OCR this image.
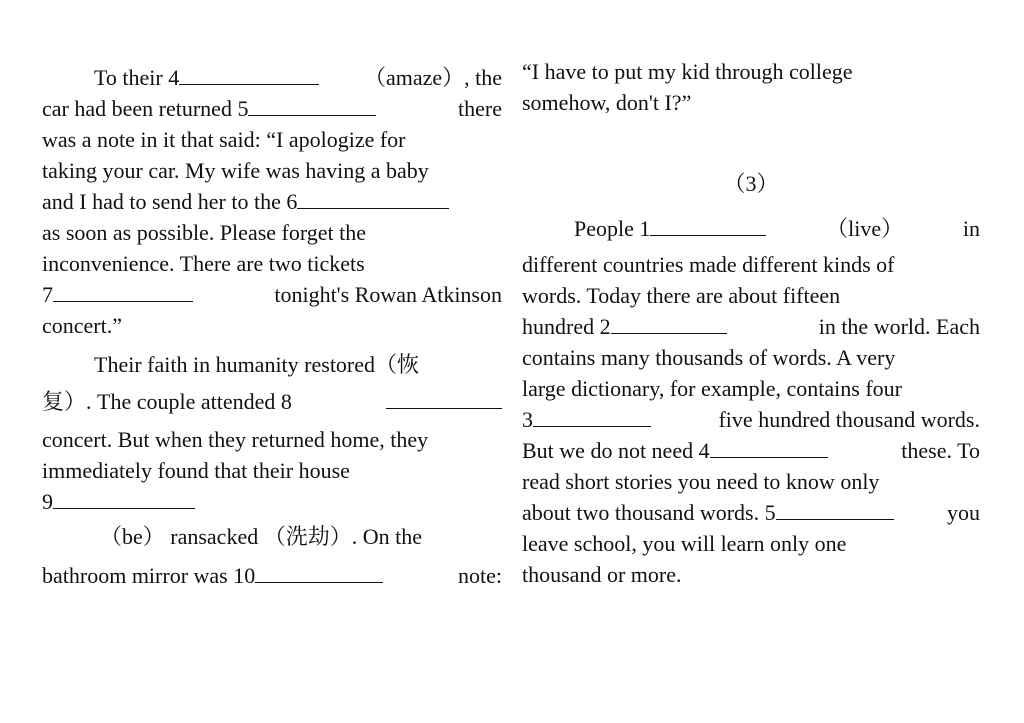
To their 4	（amaze）, the
car had been returned 5	there
was a note in it that said: “I apologize for
taking your car. My wife was having a baby
and I had to send her to the 6
as soon as possible. Please forget the
inconvenience. There are two tickets
7	tonight's Rowan Atkinson
concert.”
Their faith in humanity restored（恢
复）. The couple attended 8
concert. But when they returned home, they
immediately found that their house
9
（be） ransacked （洗劫）. On the
bathroom mirror was 10	note:
“I have to put my kid through college
somehow, don't I?”
（3）
People 1	（live）	in
different countries made different kinds of
words. Today there are about fifteen
hundred 2	in the world. Each
contains many thousands of words. A very
large dictionary, for example, contains four
3	five hundred thousand words.
But we do not need 4	these. To
read short stories you need to know only
about two thousand words. 5	you
leave school, you will learn only one
thousand or more.
